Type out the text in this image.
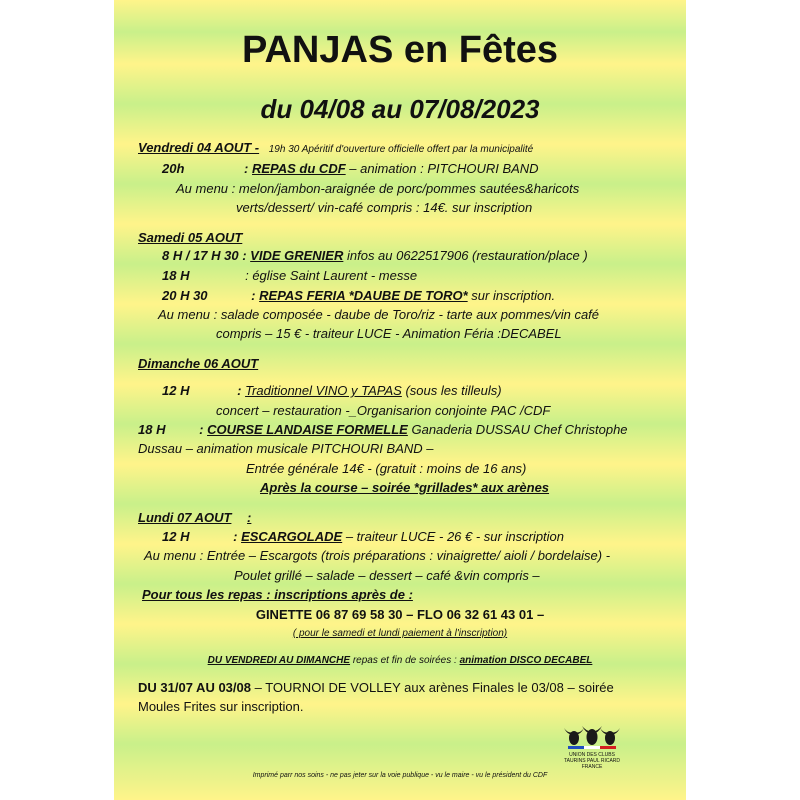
PANJAS en Fêtes
du 04/08 au 07/08/2023
Vendredi 04 AOUT - 19h 30 Apéritif d'ouverture officielle offert par la municipalité
20h	: REPAS du CDF – animation : PITCHOURI BAND
Au menu : melon/jambon-araignée de porc/pommes sautées&haricots
verts/dessert/ vin-café compris : 14€. sur inscription
Samedi 05 AOUT
8 H / 17 H 30 : VIDE GRENIER infos au 0622517906 (restauration/place )
18 H	: église Saint Laurent - messe
20 H 30	: REPAS FERIA *DAUBE DE TORO* sur inscription.
Au menu : salade composée - daube de Toro/riz - tarte aux pommes/vin café
compris – 15 € - traiteur LUCE - Animation Féria :DECABEL
Dimanche 06 AOUT
12 H	: Traditionnel VINO y TAPAS (sous les tilleuls)
concert – restauration -_Organisarion conjointe PAC /CDF
18 H	: COURSE LANDAISE FORMELLE Ganaderia DUSSAU Chef Christophe
Dussau – animation musicale PITCHOURI BAND –
Entrée générale 14€ - (gratuit : moins de 16 ans)
Après la course – soirée *grillades* aux arènes
Lundi 07 AOUT :
12 H	: ESCARGOLADE – traiteur LUCE - 26 € - sur inscription
Au menu : Entrée – Escargots (trois préparations : vinaigrette/ aioli / bordelaise) -
Poulet grillé – salade – dessert – café &vin compris –
Pour tous les repas : inscriptions après de :
GINETTE 06 87 69 58 30 – FLO 06 32 61 43 01 –
( pour le samedi et lundi paiement à l'inscription)
DU VENDREDI AU DIMANCHE repas et fin de soirées : animation DISCO DECABEL
DU 31/07 AU 03/08 – TOURNOI DE VOLLEY aux arènes Finales le 03/08 – soirée
Moules Frites sur inscription.
UNION DES CLUBS
TAURINS PAUL RICARD
FRANCE
Imprimé parr nos soins - ne pas jeter sur la voie publique - vu le maire - vu le président du CDF
